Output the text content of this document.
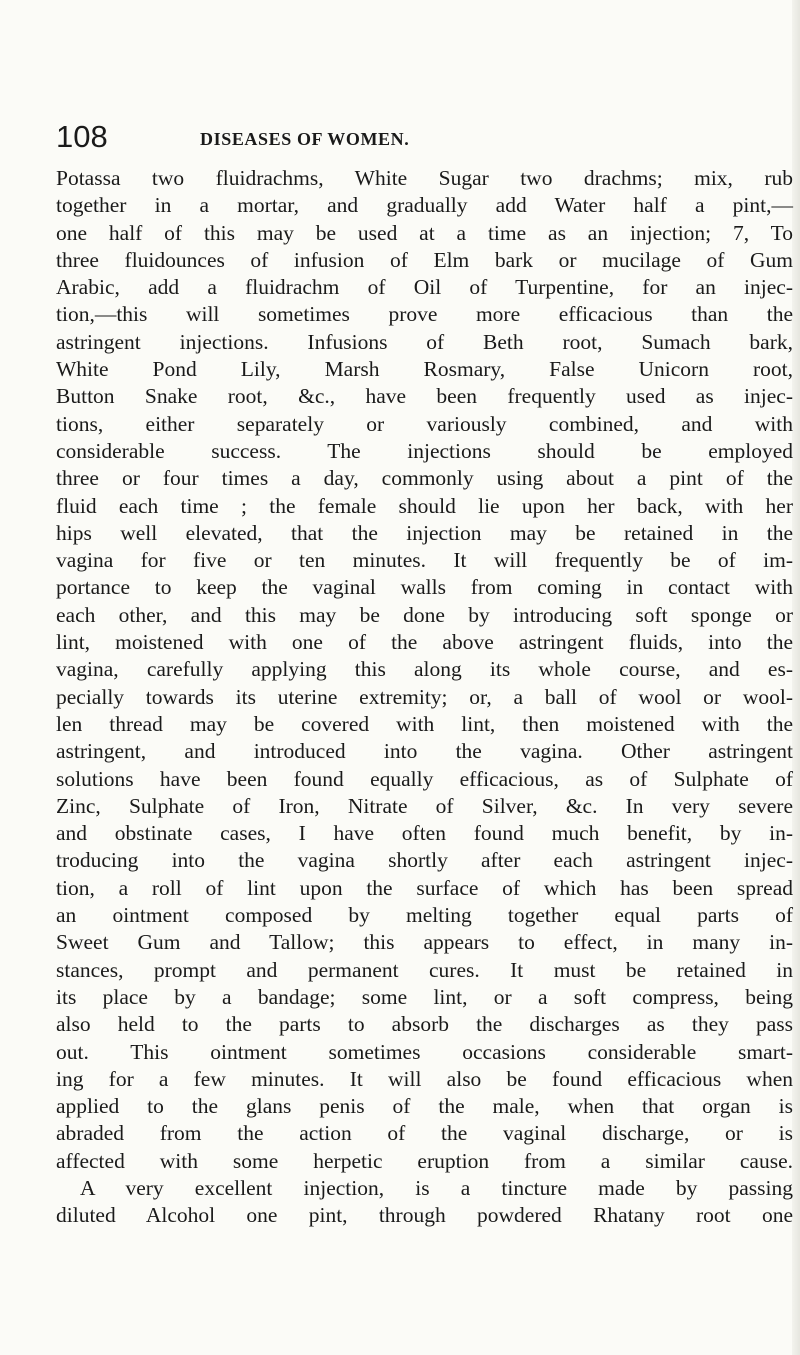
108	DISEASES OF WOMEN.
Potassa two fluidrachms, White Sugar two drachms; mix, rub
together in a mortar, and gradually add Water half a pint,—
one half of this may be used at a time as an injection; 7, To
three fluidounces of infusion of Elm bark or mucilage of Gum
Arabic, add a fluidrachm of Oil of Turpentine, for an injec-
tion,—this will sometimes prove more efficacious than the
astringent injections. Infusions of Beth root, Sumach bark,
White Pond Lily, Marsh Rosmary, False Unicorn root,
Button Snake root, &c., have been frequently used as injec-
tions, either separately or variously combined, and with
considerable success. The injections should be employed
three or four times a day, commonly using about a pint of the
fluid each time ; the female should lie upon her back, with her
hips well elevated, that the injection may be retained in the
vagina for five or ten minutes. It will frequently be of im-
portance to keep the vaginal walls from coming in contact with
each other, and this may be done by introducing soft sponge or
lint, moistened with one of the above astringent fluids, into the
vagina, carefully applying this along its whole course, and es-
pecially towards its uterine extremity; or, a ball of wool or wool-
len thread may be covered with lint, then moistened with the
astringent, and introduced into the vagina. Other astringent
solutions have been found equally efficacious, as of Sulphate of
Zinc, Sulphate of Iron, Nitrate of Silver, &c. In very severe
and obstinate cases, I have often found much benefit, by in-
troducing into the vagina shortly after each astringent injec-
tion, a roll of lint upon the surface of which has been spread
an ointment composed by melting together equal parts of
Sweet Gum and Tallow; this appears to effect, in many in-
stances, prompt and permanent cures. It must be retained in
its place by a bandage; some lint, or a soft compress, being
also held to the parts to absorb the discharges as they pass
out. This ointment sometimes occasions considerable smart-
ing for a few minutes. It will also be found efficacious when
applied to the glans penis of the male, when that organ is
abraded from the action of the vaginal discharge, or is
affected with some herpetic eruption from a similar cause.
A very excellent injection, is a tincture made by passing
diluted Alcohol one pint, through powdered Rhatany root one
